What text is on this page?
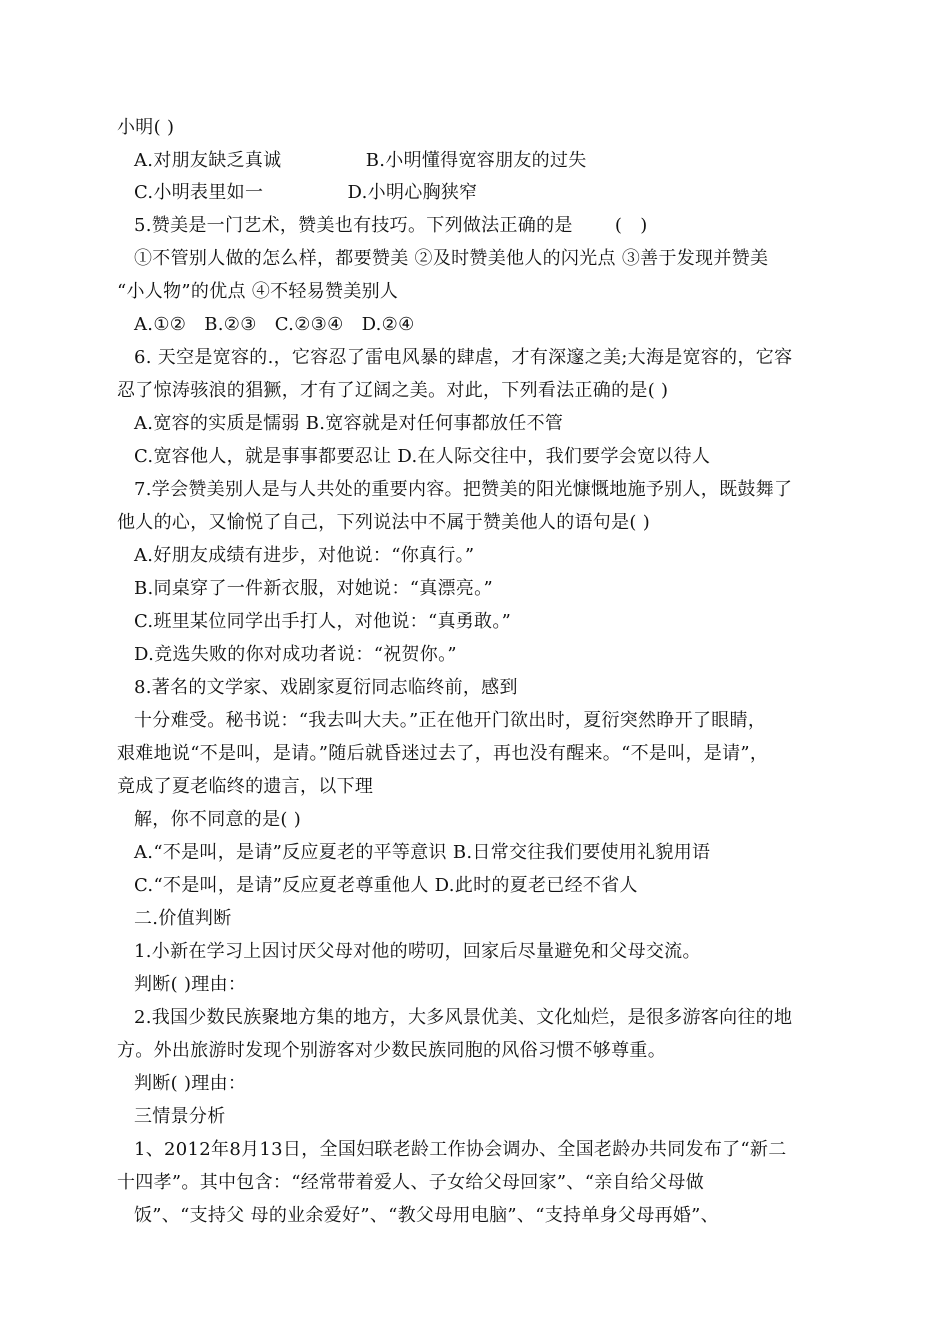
小明( )
A.对朋友缺乏真诚              B.小明懂得宽容朋友的过失
C.小明表里如一              D.小明心胸狭窄
5.赞美是一门艺术，赞美也有技巧。下列做法正确的是       (   )
①不管别人做的怎么样，都要赞美 ②及时赞美他人的闪光点 ③善于发现并赞美
“小人物”的优点 ④不轻易赞美别人
A.①②   B.②③   C.②③④   D.②④
6. 天空是宽容的.，它容忍了雷电风暴的肆虐，才有深邃之美;大海是宽容的，它容
忍了惊涛骇浪的猖獗，才有了辽阔之美。对此，下列看法正确的是( )
A.宽容的实质是懦弱 B.宽容就是对任何事都放任不管
C.宽容他人，就是事事都要忍让 D.在人际交往中，我们要学会宽以待人
7.学会赞美别人是与人共处的重要内容。把赞美的阳光慷慨地施予别人，既鼓舞了
他人的心，又愉悦了自己，下列说法中不属于赞美他人的语句是( )
A.好朋友成绩有进步，对他说：“你真行。”
B.同桌穿了一件新衣服，对她说：“真漂亮。”
C.班里某位同学出手打人，对他说：“真勇敢。”
D.竞选失败的你对成功者说：“祝贺你。”
8.著名的文学家、戏剧家夏衍同志临终前，感到
十分难受。秘书说：“我去叫大夫。”正在他开门欲出时，夏衍突然睁开了眼睛，
艰难地说“不是叫，是请。”随后就昏迷过去了，再也没有醒来。“不是叫，是请”，
竟成了夏老临终的遗言，以下理
解，你不同意的是( )
A.“不是叫，是请”反应夏老的平等意识 B.日常交往我们要使用礼貌用语
C.“不是叫，是请”反应夏老尊重他人 D.此时的夏老已经不省人
二.价值判断
1.小新在学习上因讨厌父母对他的唠叨，回家后尽量避免和父母交流。
判断( )理由：
2.我国少数民族聚地方集的地方，大多风景优美、文化灿烂，是很多游客向往的地
方。外出旅游时发现个别游客对少数民族同胞的风俗习惯不够尊重。
判断( )理由：
三情景分析
1、2012年8月13日，全国妇联老龄工作协会调办、全国老龄办共同发布了“新二
十四孝”。其中包含：“经常带着爱人、子女给父母回家”、“亲自给父母做
饭”、“支持父 母的业余爱好”、“教父母用电脑”、“支持单身父母再婚”、
